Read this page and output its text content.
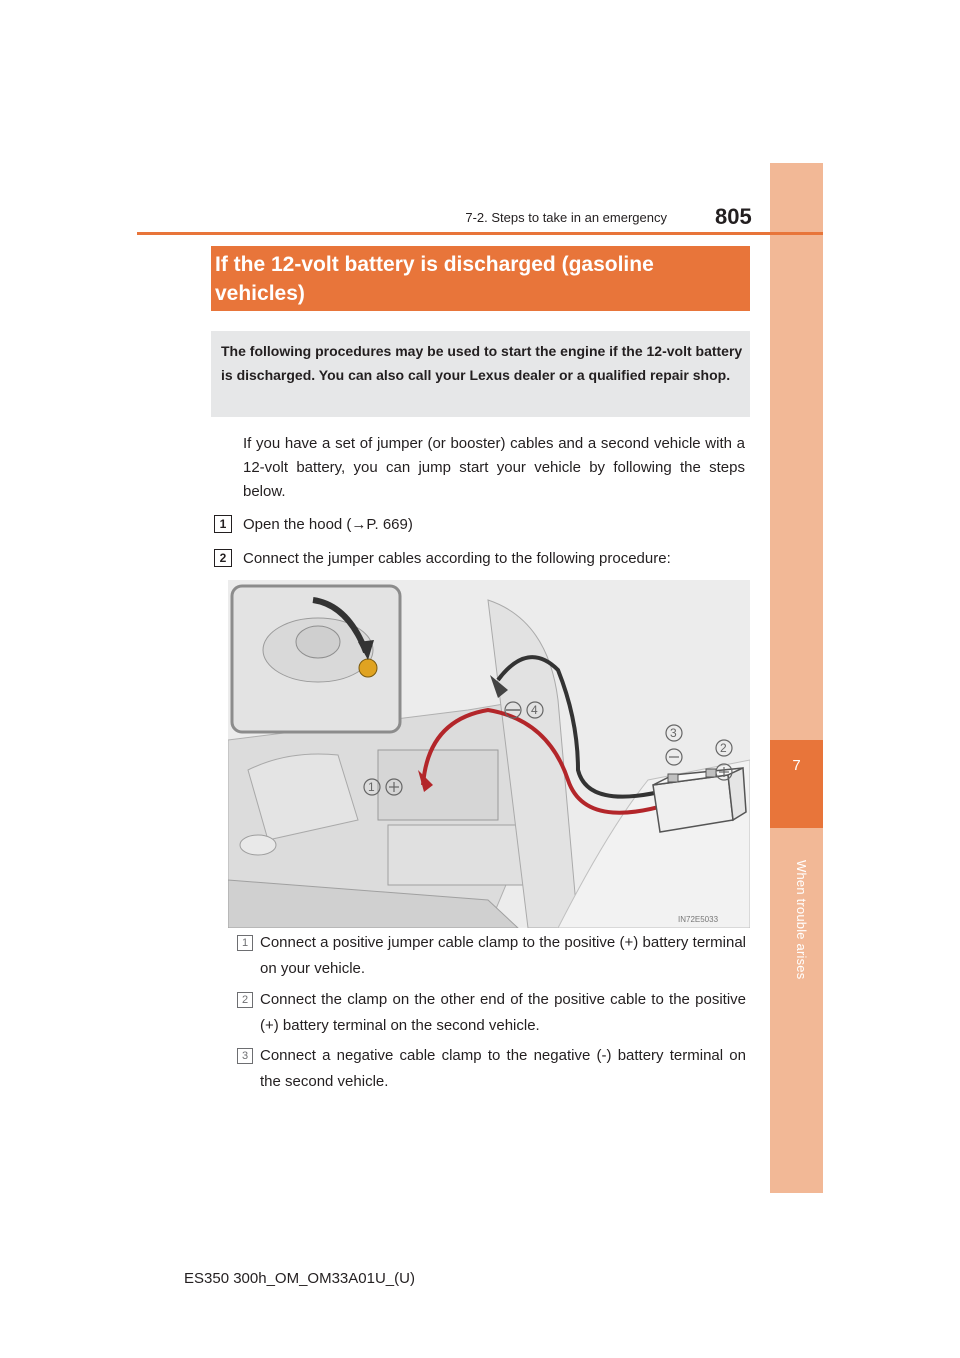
7
When trouble arises
7-2. Steps to take in an emergency 805
If the 12-volt battery is discharged (gasoline vehicles)
The following procedures may be used to start the engine if the 12-volt battery is discharged. You can also call your Lexus dealer or a qualified repair shop.
If you have a set of jumper (or booster) cables and a second vehicle with a 12-volt battery, you can jump start your vehicle by following the steps below.
1	Open the hood (→P. 669)
2	Connect the jumper cables according to the following procedure:
4
3
2
1
IN72E5033
1 Connect a positive jumper cable clamp to the positive (+) battery terminal on your vehicle.
2 Connect the clamp on the other end of the positive cable to the positive (+) battery terminal on the second vehicle.
3 Connect a negative cable clamp to the negative (-) battery terminal on the second vehicle.
ES350 300h_OM_OM33A01U_(U)
